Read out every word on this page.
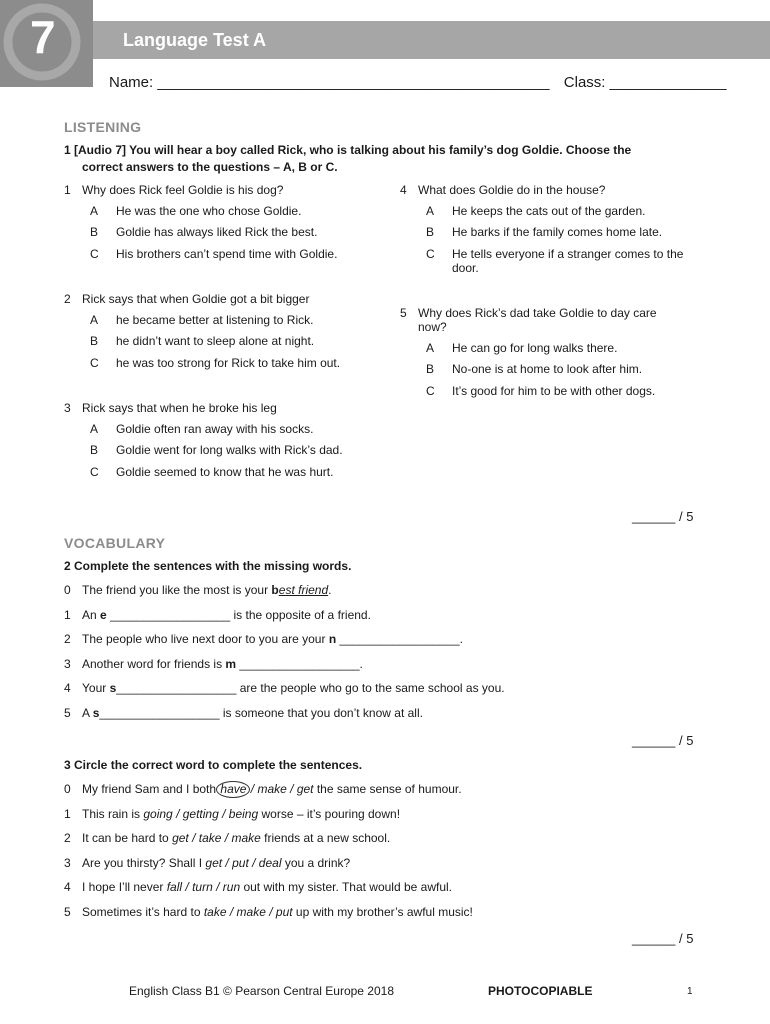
7	Language Test A
Name: _______________________________________________ Class: ______________
LISTENING
1 [Audio 7] You will hear a boy called Rick, who is talking about his family’s dog Goldie. Choose the
correct answers to the questions – A, B or C.
1 Why does Rick feel Goldie is his dog?
A He was the one who chose Goldie.
B Goldie has always liked Rick the best.
C His brothers can’t spend time with Goldie.
2 Rick says that when Goldie got a bit bigger
A he became better at listening to Rick.
B he didn’t want to sleep alone at night.
C he was too strong for Rick to take him out.
3 Rick says that when he broke his leg
A Goldie often ran away with his socks.
B Goldie went for long walks with Rick’s dad.
C Goldie seemed to know that he was hurt.
4 What does Goldie do in the house?
A He keeps the cats out of the garden.
B He barks if the family comes home late.
C He tells everyone if a stranger comes to the
door.
5 Why does Rick’s dad take Goldie to day care
now?
A He can go for long walks there.
B No-one is at home to look after him.
C It’s good for him to be with other dogs.
______ / 5
VOCABULARY
2 Complete the sentences with the missing words.
0 The friend you like the most is your best friend.
1 An e __________________ is the opposite of a friend.
2 The people who live next door to you are your n __________________.
3 Another word for friends is m __________________.
4 Your s__________________ are the people who go to the same school as you.
5 A s__________________ is someone that you don’t know at all.
______ / 5
3 Circle the correct word to complete the sentences.
0 My friend Sam and I both have / make / get the same sense of humour.
1 This rain is going / getting / being worse – it’s pouring down!
2 It can be hard to get / take / make friends at a new school.
3 Are you thirsty? Shall I get / put / deal you a drink?
4 I hope I’ll never fall / turn / run out with my sister. That would be awful.
5 Sometimes it’s hard to take / make / put up with my brother’s awful music!
______ / 5
English Class B1 © Pearson Central Europe 2018	PHOTOCOPIABLE	1
